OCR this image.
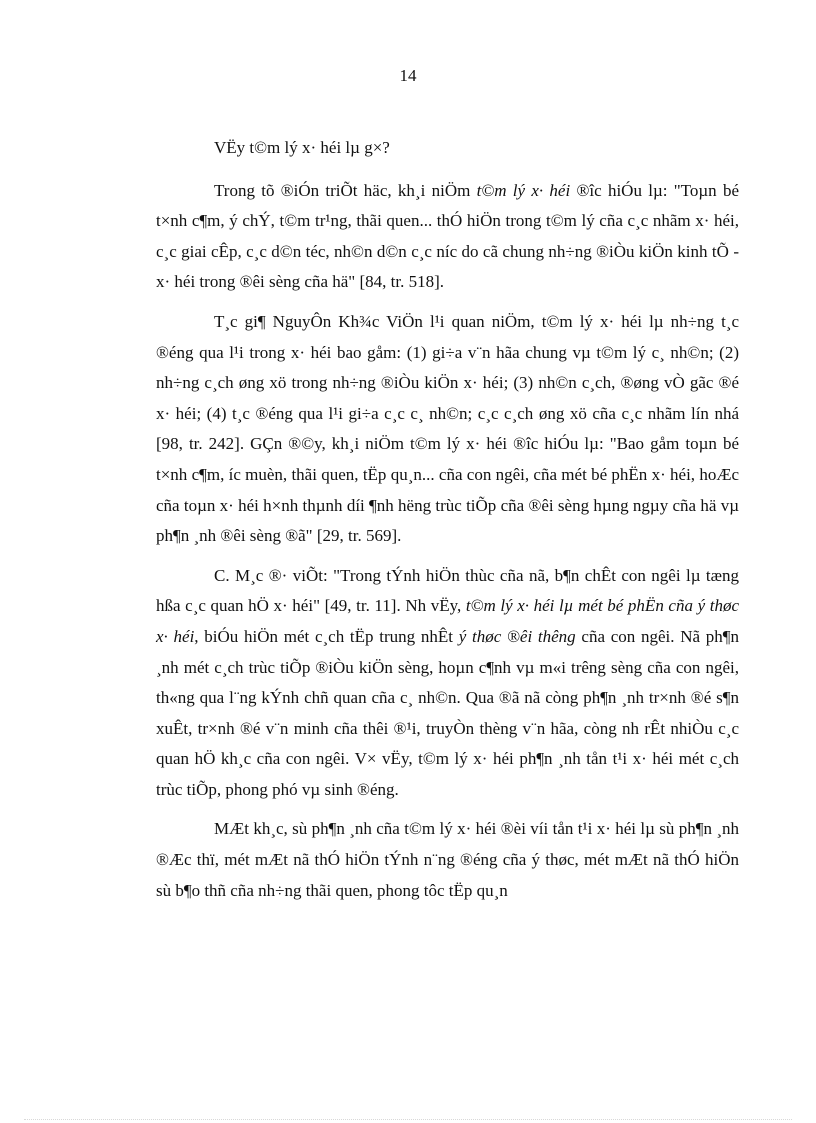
14

VËy t©m lý x· héi lµ g×?

Trong tõ ®iÓn triÕt häc, kh¸i niÖm t©m lý x· héi ®îc hiÓu lµ: "Toµn bé t×nh c¶m, ý chÝ, t©m tr¹ng, thãi quen... thÓ hiÖn trong t©m lý cña c¸c nhãm x· héi, c¸c giai cÊp, c¸c d©n téc, nh©n d©n c¸c níc do cã chung nh÷ng ®iÒu kiÖn kinh tÕ - x· héi trong ®êi sèng cña hä" [84, tr. 518].

T¸c gi¶ NguyÔn Kh¾c ViÖn l¹i quan niÖm, t©m lý x· héi lµ nh÷ng t¸c ®éng qua l¹i trong x· héi bao gåm: (1) gi÷a v¨n hãa chung vµ t©m lý c¸ nh©n; (2) nh÷ng c¸ch øng xö trong nh÷ng ®iÒu kiÖn x· héi; (3) nh©n c¸ch, ®øng vÒ gãc ®é x· héi; (4) t¸c ®éng qua l¹i gi÷a c¸c c¸ nh©n; c¸c c¸ch øng xö cña c¸c nhãm lín nhá [98, tr. 242]. GÇn ®©y, kh¸i niÖm t©m lý x· héi ®îc hiÓu lµ: "Bao gåm toµn bé t×nh c¶m, íc muèn, thãi quen, tËp qu¸n... cña con ngêi, cña mét bé phËn x· héi, hoÆc cña toµn x· héi h×nh thµnh díi ¶nh hëng trùc tiÕp cña ®êi sèng hµng ngµy cña hä vµ ph¶n ¸nh ®êi sèng ®ã" [29, tr. 569].

C. M¸c ®· viÕt: "Trong tÝnh hiÖn thùc cña nã, b¶n chÊt con ngêi lµ tæng hßa c¸c quan hÖ x· héi" [49, tr. 11]. Nh vËy, t©m lý x· héi lµ mét bé phËn cña ý thøc x· héi, biÓu hiÖn mét c¸ch tËp trung nhÊt ý thøc ®êi thêng cña con ngêi. Nã ph¶n ¸nh mét c¸ch trùc tiÕp ®iÒu kiÖn sèng, hoµn c¶nh vµ m«i trêng sèng cña con ngêi, th«ng qua l¨ng kÝnh chñ quan cña c¸ nh©n. Qua ®ã nã còng ph¶n ¸nh tr×nh ®é s¶n xuÊt, tr×nh ®é v¨n minh cña thêi ®¹i, truyÒn thèng v¨n hãa, còng nh rÊt nhiÒu c¸c quan hÖ kh¸c cña con ngêi. V× vËy, t©m lý x· héi ph¶n ¸nh tån t¹i x· héi mét c¸ch trùc tiÕp, phong phó vµ sinh ®éng.

MÆt kh¸c, sù ph¶n ¸nh cña t©m lý x· héi ®èi víi tån t¹i x· héi lµ sù ph¶n ¸nh ®Æc thï, mét mÆt nã thÓ hiÖn tÝnh n¨ng ®éng cña ý thøc, mét mÆt nã thÓ hiÖn sù b¶o thñ cña nh÷ng thãi quen, phong tôc tËp qu¸n
